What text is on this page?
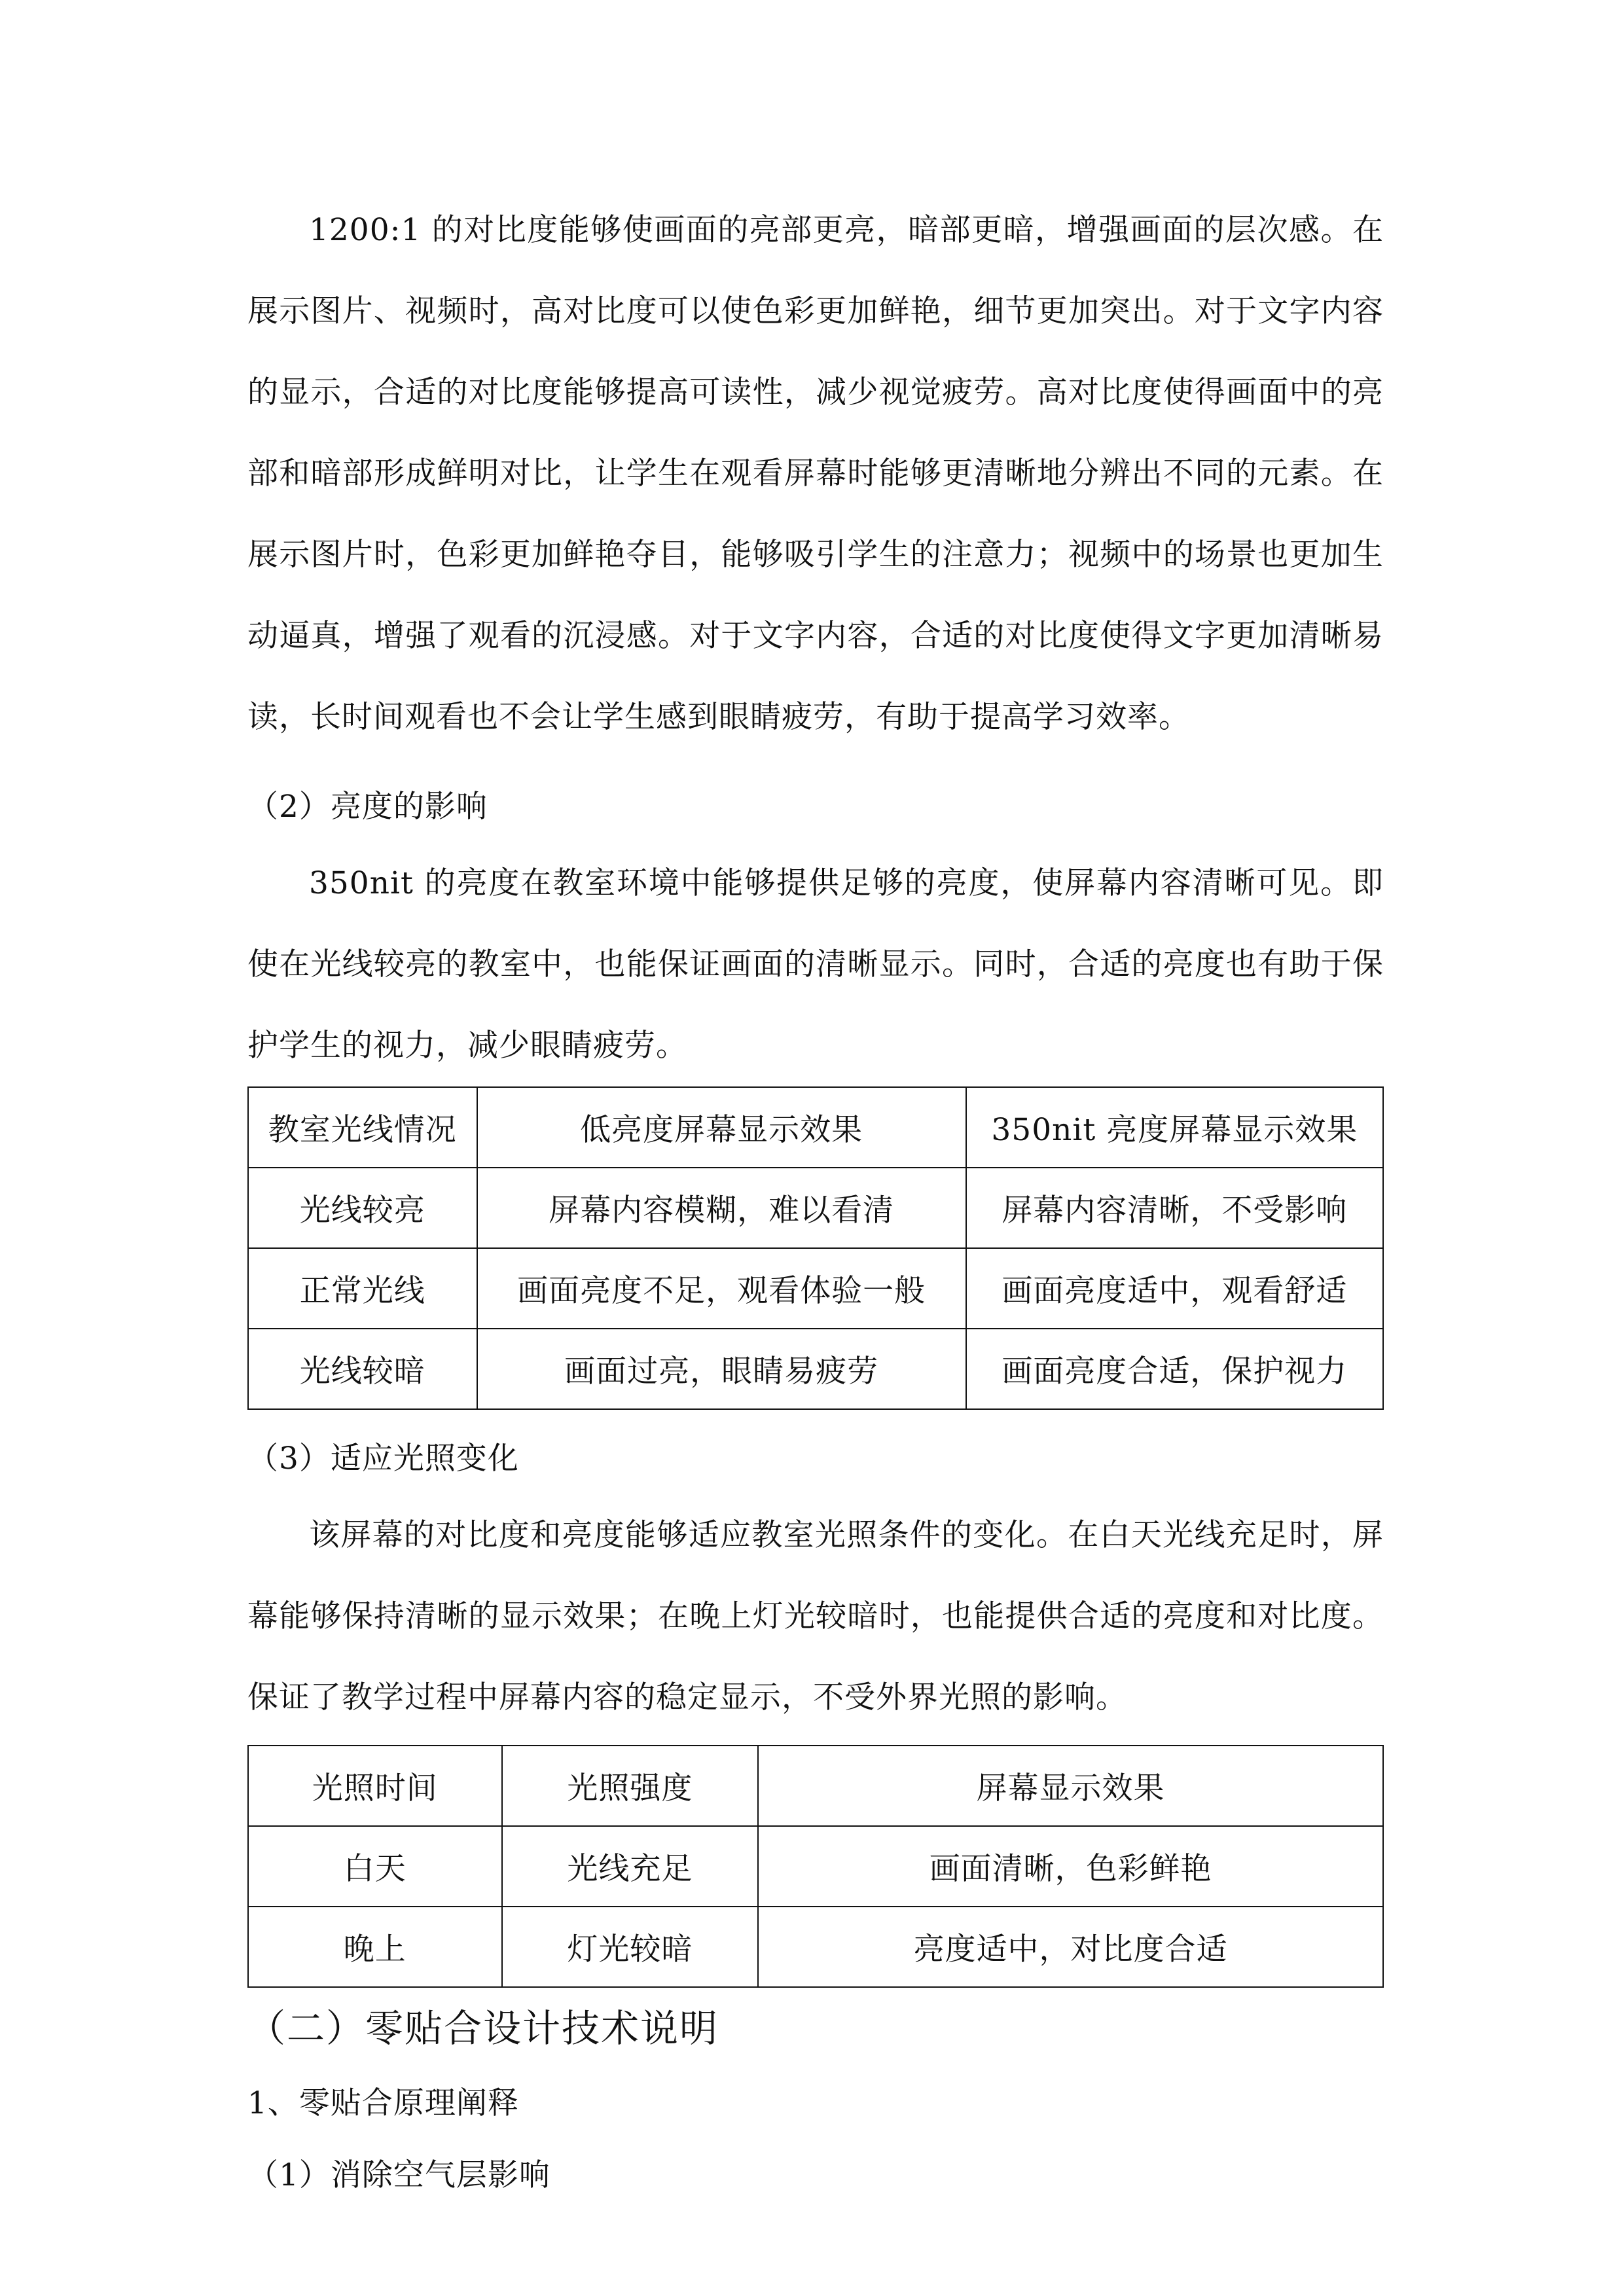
1200:1 的对比度能够使画面的亮部更亮，暗部更暗，增强画面的层次感。在展示图片、视频时，高对比度可以使色彩更加鲜艳，细节更加突出。对于文字内容的显示，合适的对比度能够提高可读性，减少视觉疲劳。高对比度使得画面中的亮部和暗部形成鲜明对比，让学生在观看屏幕时能够更清晰地分辨出不同的元素。在展示图片时，色彩更加鲜艳夺目，能够吸引学生的注意力；视频中的场景也更加生动逼真，增强了观看的沉浸感。对于文字内容，合适的对比度使得文字更加清晰易读，长时间观看也不会让学生感到眼睛疲劳，有助于提高学习效率。

（2）亮度的影响

350nit 的亮度在教室环境中能够提供足够的亮度，使屏幕内容清晰可见。即使在光线较亮的教室中，也能保证画面的清晰显示。同时，合适的亮度也有助于保护学生的视力，减少眼睛疲劳。

教室光线情况	低亮度屏幕显示效果	350nit 亮度屏幕显示效果
光线较亮	屏幕内容模糊，难以看清	屏幕内容清晰，不受影响
正常光线	画面亮度不足，观看体验一般	画面亮度适中，观看舒适
光线较暗	画面过亮，眼睛易疲劳	画面亮度合适，保护视力

（3）适应光照变化

该屏幕的对比度和亮度能够适应教室光照条件的变化。在白天光线充足时，屏幕能够保持清晰的显示效果；在晚上灯光较暗时，也能提供合适的亮度和对比度。保证了教学过程中屏幕内容的稳定显示，不受外界光照的影响。

光照时间	光照强度	屏幕显示效果
白天	光线充足	画面清晰，色彩鲜艳
晚上	灯光较暗	亮度适中，对比度合适

（二）零贴合设计技术说明

1、零贴合原理阐释

（1）消除空气层影响
